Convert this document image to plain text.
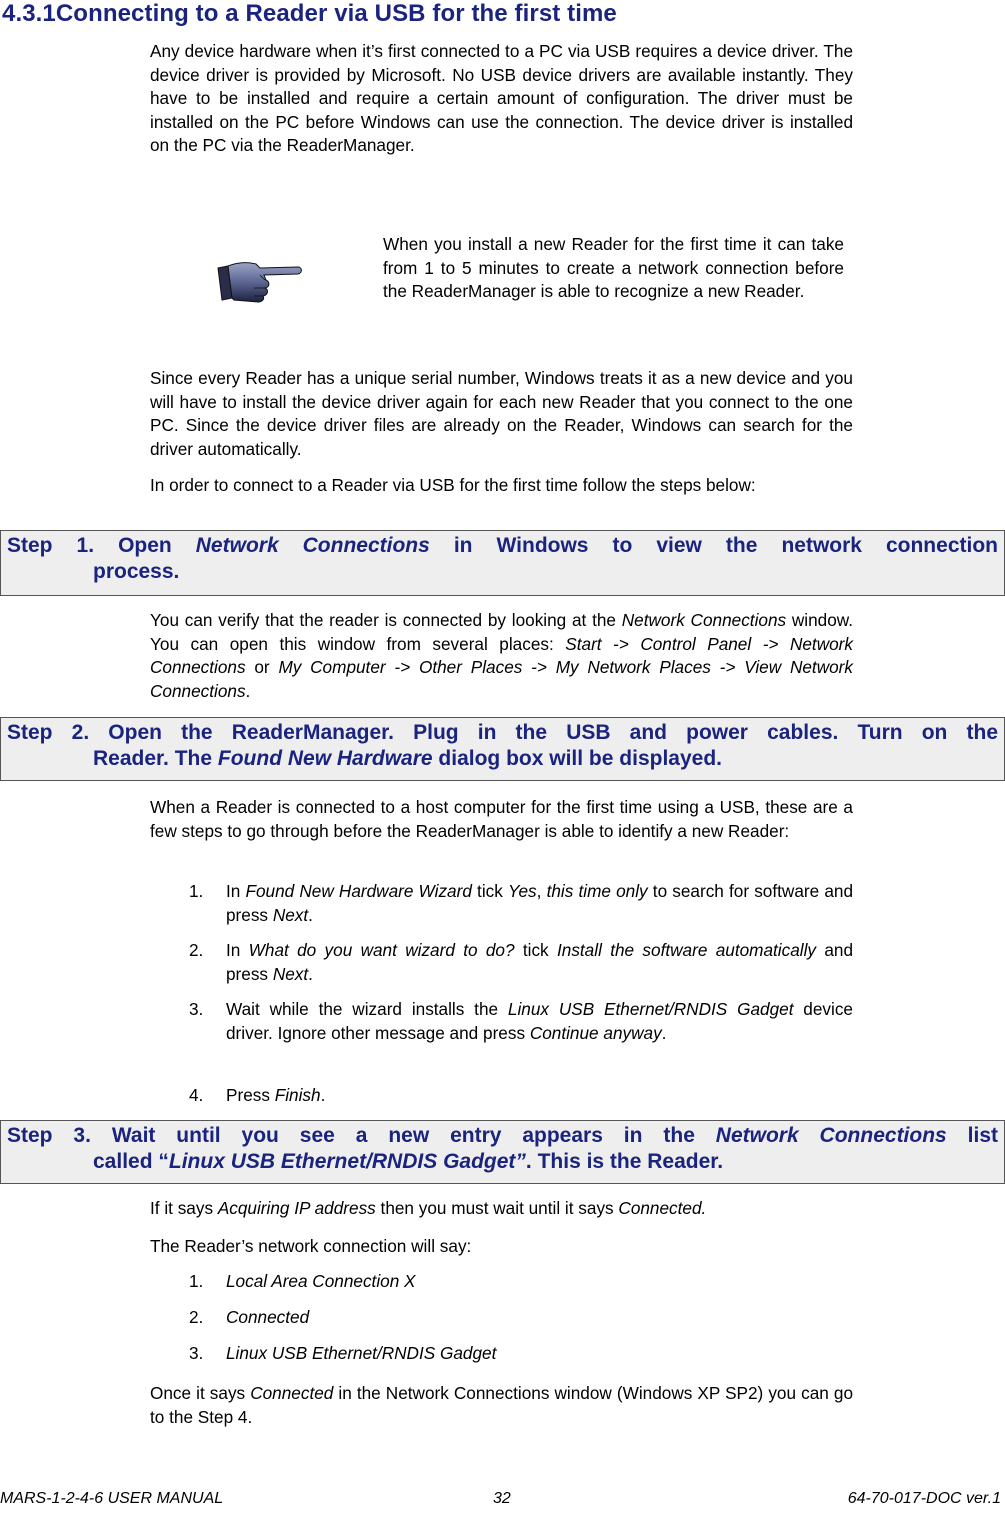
4.3.1Connecting to a Reader via USB for the first time
Any device hardware when it’s first connected to a PC via USB requires a device driver. The device driver is provided by Microsoft. No USB device drivers are available instantly. They have to be installed and require a certain amount of configuration. The driver must be installed on the PC before Windows can use the connection. The device driver is installed on the PC via the ReaderManager.
When you install a new Reader for the first time it can take from 1 to 5 minutes to create a network connection before the ReaderManager is able to recognize a new Reader.
Since every Reader has a unique serial number, Windows treats it as a new device and you will have to install the device driver again for each new Reader that you connect to the one PC. Since the device driver files are already on the Reader, Windows can search for the driver automatically.
In order to connect to a Reader via USB for the first time follow the steps below:
Step 1. Open Network Connections in Windows to view the network connection
process.
You can verify that the reader is connected by looking at the Network Connections window. You can open this window from several places: Start -> Control Panel -> Network Connections or My Computer -> Other Places -> My Network Places -> View Network Connections.
Step 2. Open the ReaderManager. Plug in the USB and power cables. Turn on the
Reader. The Found New Hardware dialog box will be displayed.
When a Reader is connected to a host computer for the first time using a USB, these are a few steps to go through before the ReaderManager is able to identify a new Reader:
1. In Found New Hardware Wizard tick Yes, this time only to search for software and press Next.
2. In What do you want wizard to do? tick Install the software automatically and press Next.
3. Wait while the wizard installs the Linux USB Ethernet/RNDIS Gadget device driver. Ignore other message and press Continue anyway.
4. Press Finish.
Step 3. Wait until you see a new entry appears in the Network Connections list
called “Linux USB Ethernet/RNDIS Gadget”. This is the Reader.
If it says Acquiring IP address then you must wait until it says Connected.
The Reader’s network connection will say:
1. Local Area Connection X
2. Connected
3. Linux USB Ethernet/RNDIS Gadget
Once it says Connected in the Network Connections window (Windows XP SP2) you can go to the Step 4.
MARS-1-2-4-6 USER MANUAL	32	64-70-017-DOC ver.1
